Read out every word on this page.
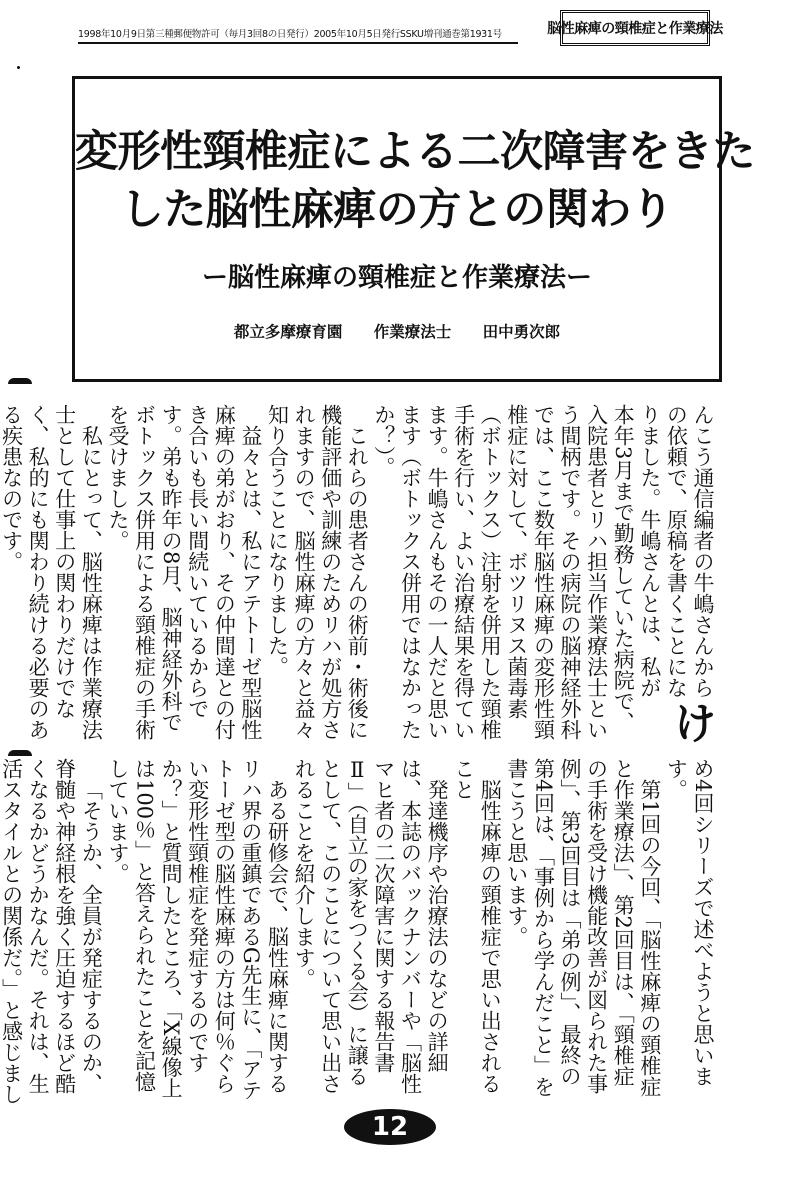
1998年10月9日第三種郵便物許可（毎月3回8の日発行）2005年10月5日発行SSKU増刊通巻第1931号	脳性麻痺の頸椎症と作業療法
変形性頸椎症による二次障害をきた
した脳性麻痺の方との関わり
ー脳性麻痺の頸椎症と作業療法ー
都立多摩療育園 作業療法士 田中勇次郎

け
んこう通信編者の牛嶋さんからの依頼で、原稿を書くことになりました。牛嶋さんとは、私が本年3月まで勤務していた病院で、入院患者とリハ担当作業療法士という間柄です。その病院の脳神経外科では、ここ数年脳性麻痺の変形性頸椎症に対して、ボツリヌス菌毒素（ボトックス）注射を併用した頸椎手術を行い、よい治療結果を得ています。牛嶋さんもその一人だと思います（ボトックス併用ではなかったか？）。

これらの患者さんの術前・術後に機能評価や訓練のためリハが処方されますので、脳性麻痺の方々と益々知り合うことになりました。

益々とは、私にアテトーゼ型脳性麻痺の弟がおり、その仲間達との付き合いも長い間続いているからです。弟も昨年の8月、脳神経外科でボトックス併用による頸椎症の手術を受けました。

私にとって、脳性麻痺は作業療法士として仕事上の関わりだけでなく、私的にも関わり続ける必要のある疾患なのです。

め4回シリーズで述べようと思います。

第1回の今回、「脳性麻痺の頸椎症と作業療法」、第2回目は、「頸椎症の手術を受け機能改善が図られた事例」、第3回目は「弟の例」、最終の第4回は、「事例から学んだこと」を書こうと思います。

脳性麻痺の頸椎症で思い出されること

発達機序や治療法のなどの詳細は、本誌のバックナンバーや「脳性マヒ者の二次障害に関する報告書Ⅱ」（自立の家をつくる会）に譲るとして、このことについて思い出されることを紹介します。

ある研修会で、脳性麻痺に関するリハ界の重鎮であるG先生に、「アテトーゼ型の脳性麻痺の方は何％ぐらい変形性頸椎症を発症するのですか？」と質問したところ、「X線像上は100％」と答えられたことを記憶しています。

「そうか、全員が発症するのか、脊髄や神経根を強く圧迫するほど酷くなるかどうかなんだ。それは、生活スタイルとの関係だ。」と感じまし

12
